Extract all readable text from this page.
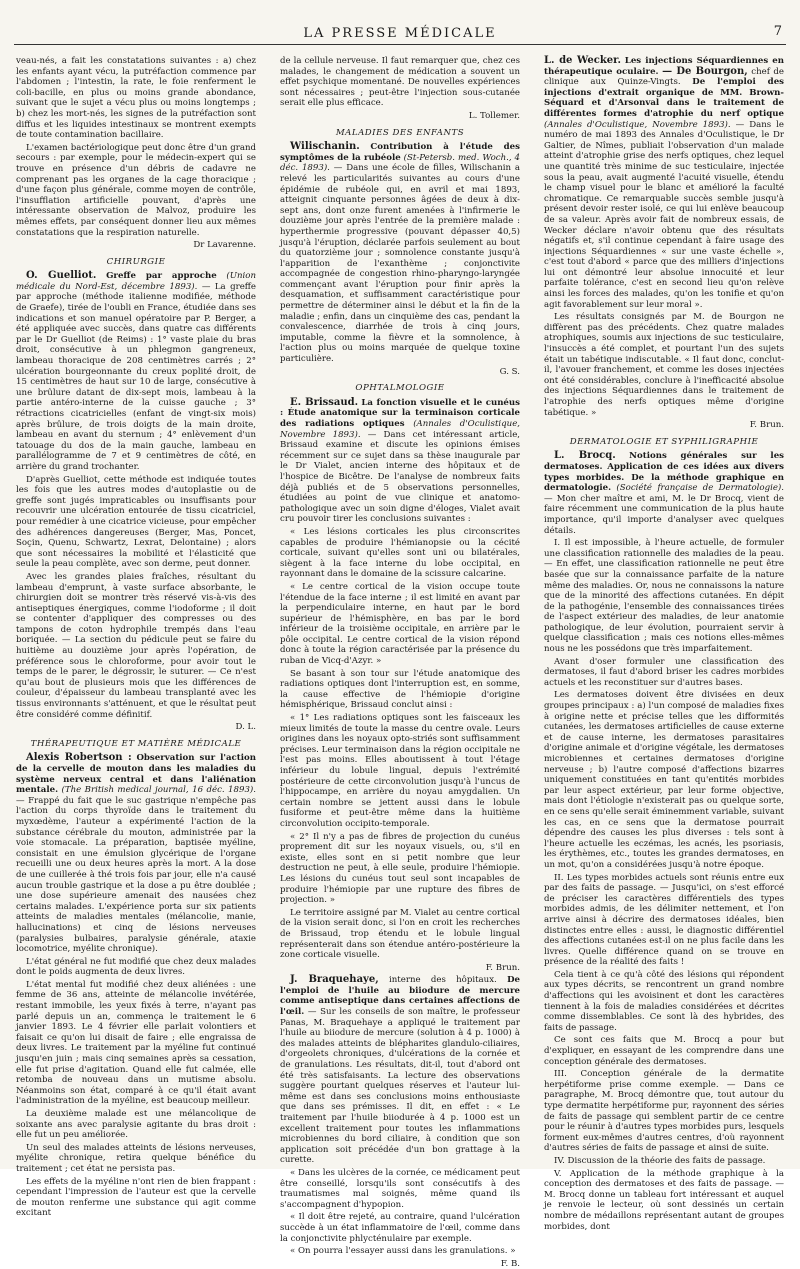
LA PRESSE MÉDICALE	7

veau-nés, a fait les constatations suivantes : a) chez les enfants ayant vécu, la putréfaction commence par l'abdomen ; l'intestin, la rate, le foie renferment le coli-bacille, en plus ou moins grande abondance, suivant que le sujet a vécu plus ou moins longtemps ; b) chez les mort-nés, les signes de la putréfaction sont diffus et les liquides intestinaux se montrent exempts de toute contamination bacillaire.

L'examen bactériologique peut donc être d'un grand secours : par exemple, pour le médecin-expert qui se trouve en présence d'un débris de cadavre ne comprenant pas les organes de la cage thoracique ; d'une façon plus générale, comme moyen de contrôle, l'insufflation artificielle pouvant, d'après une intéressante observation de Malvoz, produire les mêmes effets, par conséquent donner lieu aux mêmes constatations que la respiration naturelle.

Dr Lavarenne.

CHIRURGIE

O. Guelliot. Greffe par approche (Union médicale du Nord-Est, décembre 1893). — La greffe par approche (méthode italienne modifiée, méthode de Graefe), tirée de l'oubli en France, étudiée dans ses indications et son manuel opératoire par P. Berger, a été appliquée avec succès, dans quatre cas différents par le Dr Guelliot (de Reims) : 1° vaste plaie du bras droit, consécutive à un phlegmon gangreneux, lambeau thoracique de 208 centimètres carrés ; 2° ulcération bourgeonnante du creux poplité droit, de 15 centimètres de haut sur 10 de large, consécutive à une brûlure datant de dix-sept mois, lambeau à la partie antéro-interne de la cuisse gauche ; 3° rétractions cicatricielles (enfant de vingt-six mois) après brûlure, de trois doigts de la main droite, lambeau en avant du sternum ; 4° enlèvement d'un tatouage du dos de la main gauche, lambeau en parallélogramme de 7 et 9 centimètres de côté, en arrière du grand trochanter.

D'après Guelliot, cette méthode est indiquée toutes les fois que les autres modes d'autoplastie ou de greffe sont jugés impraticables ou insuffisants pour recouvrir une ulcération entourée de tissu cicatriciel, pour remédier à une cicatrice vicieuse, pour empêcher des adhérences dangereuses (Berger, Mas, Poncet, Soçin, Quenu, Schwartz, Lexrat, Delontaine) ; alors que sont nécessaires la mobilité et l'élasticité que seule la peau complète, avec son derme, peut donner.

Avec les grandes plaies fraîches, résultant du lambeau d'emprunt, à vaste surface absorbante, le chirurgien doit se montrer très réservé vis-à-vis des antiseptiques énergiques, comme l'iodoforme ; il doit se contenter d'appliquer des compresses ou des tampons de coton hydrophile trempés dans l'eau boriquée. — La section du pédicule peut se faire du huitième au douzième jour après l'opération, de préférence sous le chloroforme, pour avoir tout le temps de le parer, le dégrossir, le suturer. — Ce n'est qu'au bout de plusieurs mois que les différences de couleur, d'épaisseur du lambeau transplanté avec les tissus environnants s'atténuent, et que le résultat peut être considéré comme définitif.

D. L.

THÉRAPEUTIQUE ET MATIÈRE MÉDICALE

Alexis Robertson : Observation sur l'action de la cervelle de mouton dans les maladies du système nerveux central et dans l'aliénation mentale. (The British medical journal, 16 déc. 1893). — Frappé du fait que le suc gastrique n'empêche pas l'action du corps thyroïde dans le traitement du myxœdème, l'auteur a expérimenté l'action de la substance cérébrale du mouton, administrée par la voie stomacale. La préparation, baptisée myéline, consistait en une émulsion glycérique de l'organe recueilli une ou deux heures après la mort. A la dose de une cuillerée à thé trois fois par jour, elle n'a causé aucun trouble gastrique et la dose a pu être doublée ; une dose supérieure amenait des nausées chez certains malades. L'expérience porta sur six patients atteints de maladies mentales (mélancolie, manie, hallucinations) et cinq de lésions nerveuses (paralysies bulbaires, paralysie générale, ataxie locomotrice, myélite chronique).

L'état général ne fut modifié que chez deux malades dont le poids augmenta de deux livres.

L'état mental fut modifié chez deux aliénées : une femme de 36 ans, atteinte de mélancolie invétérée, restant immobile, les yeux fixés à terre, n'ayant pas parlé depuis un an, commença le traitement le 6 janvier 1893. Le 4 février elle parlait volontiers et faisait ce qu'on lui disait de faire ; elle engraissa de deux livres. Le traitement par la myéline fut continué jusqu'en juin ; mais cinq semaines après sa cessation, elle fut prise d'agitation. Quand elle fut calmée, elle retomba de nouveau dans un mutisme absolu. Néanmoins son état, comparé à ce qu'il était avant l'administration de la myéline, est beaucoup meilleur.

La deuxième malade est une mélancolique de soixante ans avec paralysie agitante du bras droit : elle fut un peu améliorée.

Un seul des malades atteints de lésions nerveuses, myélite chronique, retira quelque bénéfice du traitement ; cet état ne persista pas.

Les effets de la myéline n'ont rien de bien frappant : cependant l'impression de l'auteur est que la cervelle de mouton renferme une substance qui agit comme excitant

de la cellule nerveuse. Il faut remarquer que, chez ces malades, le changement de médication a souvent un effet psychique momentané. De nouvelles expériences sont nécessaires ; peut-être l'injection sous-cutanée serait elle plus efficace.

L. Tollemer.

MALADIES DES ENFANTS

Wilischanin. Contribution à l'étude des symptômes de la rubéole (St-Petersb. med. Woch., 4 déc. 1893). — Dans une école de filles, Wilischanin a relevé les particularités suivantes au cours d'une épidémie de rubéole qui, en avril et mai 1893, atteignit cinquante personnes âgées de deux à dix-sept ans, dont onze furent amenées à l'infirmerie le douzième jour après l'entrée de la première malade : hyperthermie progressive (pouvant dépasser 40,5) jusqu'à l'éruption, déclarée parfois seulement au bout du quatorzième jour ; somnolence constante jusqu'à l'apparition de l'exanthème ; conjonctivite accompagnée de congestion rhino-pharyngo-laryngée commençant avant l'éruption pour finir après la desquamation, et suffisamment caractéristique pour permettre de déterminer ainsi le début et la fin de la maladie ; enfin, dans un cinquième des cas, pendant la convalescence, diarrhée de trois à cinq jours, imputable, comme la fièvre et la somnolence, à l'action plus ou moins marquée de quelque toxine particulière.

G. S.

OPHTALMOLOGIE

E. Brissaud. La fonction visuelle et le cunéus : Étude anatomique sur la terminaison corticale des radiations optiques (Annales d'Oculistique, Novembre 1893). — Dans cet intéressant article, Brissaud examine et discute les opinions émises récemment sur ce sujet dans sa thèse inaugurale par le Dr Vialet, ancien interne des hôpitaux et de l'hospice de Bicêtre. De l'analyse de nombreux faits déjà publiés et de 5 observations personnelles, étudiées au point de vue clinique et anatomo-pathologique avec un soin digne d'éloges, Vialet avait cru pouvoir tirer les conclusions suivantes :

« Les lésions corticales les plus circonscrites capables de produire l'hémianopsie ou la cécité corticale, suivant qu'elles sont uni ou bilatérales, siègent à la face interne du lobe occipital, en rayonnant dans le domaine de la scissure calcarine.

« Le centre cortical de la vision occupe toute l'étendue de la face interne ; il est limité en avant par la perpendiculaire interne, en haut par le bord supérieur de l'hémisphère, en bas par le bord inférieur de la troisième occipitale, en arrière par le pôle occipital. Le centre cortical de la vision répond donc à toute la région caractérisée par la présence du ruban de Vicq-d'Azyr. »

Se basant à son tour sur l'étude anatomique des radiations optiques dont l'interruption est, en somme, la cause effective de l'hémiopie d'origine hémisphérique, Brissaud conclut ainsi :

« 1° Les radiations optiques sont les faisceaux les mieux limités de toute la masse du centre ovale. Leurs origines dans les noyaux opto-striés sont suffisamment précises. Leur terminaison dans la région occipitale ne l'est pas moins. Elles aboutissent à tout l'étage inférieur du lobule lingual, depuis l'extrémité postérieure de cette circonvolution jusqu'à l'uncus de l'hippocampe, en arrière du noyau amygdalien. Un certain nombre se jettent aussi dans le lobule fusiforme et peut-être même dans la huitième circonvolution occipito-temporale.

« 2° Il n'y a pas de fibres de projection du cunéus proprement dit sur les noyaux visuels, ou, s'il en existe, elles sont en si petit nombre que leur destruction ne peut, à elle seule, produire l'hémiopie. Les lésions du cunéus tout seul sont incapables de produire l'hémiopie par une rupture des fibres de projection. »

Le territoire assigné par M. Vialet au centre cortical de la vision serait donc, si l'on en croit les recherches de Brissaud, trop étendu et le lobule lingual représenterait dans son étendue antéro-postérieure la zone corticale visuelle.

F. Brun.

J. Braquehaye, interne des hôpitaux. De l'emploi de l'huile au biiodure de mercure comme antiseptique dans certaines affections de l'œil. — Sur les conseils de son maître, le professeur Panas, M. Braquehaye a appliqué le traitement par l'huile au biiodure de mercure (solution à 4 p. 1000) à des malades atteints de blépharites glandulo-ciliaires, d'orgeolets chroniques, d'ulcérations de la cornée et de granulations. Les résultats, dit-il, tout d'abord ont été très satisfaisants. La lecture des observations suggère pourtant quelques réserves et l'auteur lui-même est dans ses conclusions moins enthousiaste que dans ses prémisses. Il dit, en effet : « Le traitement par l'huile biiodurée à 4 p. 1000 est un excellent traitement pour toutes les inflammations microbiennes du bord ciliaire, à condition que son application soit précédée d'un bon grattage à la curette.

« Dans les ulcères de la cornée, ce médicament peut être conseillé, lorsqu'ils sont consécutifs à des traumatismes mal soignés, même quand ils s'accompagnent d'hypopion.

« Il doit être rejeté, au contraire, quand l'ulcération succède à un état inflammatoire de l'œil, comme dans la conjonctivite phlycténulaire par exemple.

« On pourra l'essayer aussi dans les granulations. »

F. B.

L. de Wecker. Les injections Séquardiennes en thérapeutique oculaire. — De Bourgon, chef de clinique aux Quinze-Vingts. De l'emploi des injections d'extrait organique de MM. Brown-Séquard et d'Arsonval dans le traitement de différentes formes d'atrophie du nerf optique (Annales d'Oculistique, Novembre 1893). — Dans le numéro de mai 1893 des Annales d'Oculistique, le Dr Galtier, de Nîmes, publiait l'observation d'un malade atteint d'atrophie grise des nerfs optiques, chez lequel une quantité très minime de suc testiculaire, injectée sous la peau, avait augmenté l'acuité visuelle, étendu le champ visuel pour le blanc et amélioré la faculté chromatique. Ce remarquable succès semble jusqu'à présent devoir rester isolé, ce qui lui enlève beaucoup de sa valeur. Après avoir fait de nombreux essais, de Wecker déclare n'avoir obtenu que des résultats négatifs et, s'il continue cependant à faire usage des injections Séquardiennes « sur une vaste échelle », c'est tout d'abord « parce que des milliers d'injections lui ont démontré leur absolue innocuité et leur parfaite tolérance, c'est en second lieu qu'on relève ainsi les forces des malades, qu'on les tonifie et qu'on agit favorablement sur leur moral ».

Les résultats consignés par M. de Bourgon ne diffèrent pas des précédents. Chez quatre malades atrophiques, soumis aux injections de suc testiculaire, l'insuccès a été complet, et pourtant l'un des sujets était un tabétique indiscutable. « Il faut donc, conclut-il, l'avouer franchement, et comme les doses injectées ont été considérables, conclure à l'inefficacité absolue des injections Séquardiennes dans le traitement de l'atrophie des nerfs optiques même d'origine tabétique. »

F. Brun.

DERMATOLOGIE ET SYPHILIGRAPHIE

L. Brocq. Notions générales sur les dermatoses. Application de ces idées aux divers types morbides. De la méthode graphique en dermatologie. (Société française de Dermatologie). — Mon cher maître et ami, M. le Dr Brocq, vient de faire récemment une communication de la plus haute importance, qu'il importe d'analyser avec quelques détails.

I. Il est impossible, à l'heure actuelle, de formuler une classification rationnelle des maladies de la peau. — En effet, une classification rationnelle ne peut être basée que sur la connaissance parfaite de la nature même des maladies. Or, nous ne connaissons la nature que de la minorité des affections cutanées. En dépit de la pathogénie, l'ensemble des connaissances tirées de l'aspect extérieur des maladies, de leur anatomie pathologique, de leur évolution, pourraient servir à quelque classification ; mais ces notions elles-mêmes nous ne les possédons que très imparfaitement.

Avant d'oser formuler une classification des dermatoses, il faut d'abord briser les cadres morbides actuels et les reconstituer sur d'autres bases.

Les dermatoses doivent être divisées en deux groupes principaux : a) l'un composé de maladies fixes à origine nette et précise telles que les difformités cutanées, les dermatoses artificielles de cause externe et de cause interne, les dermatoses parasitaires d'origine animale et d'origine végétale, les dermatoses microbiennes et certaines dermatoses d'origine nerveuse ; b) l'autre composé d'affections bizarres uniquement constituées en tant qu'entités morbides par leur aspect extérieur, par leur forme objective, mais dont l'étiologie n'existerait pas ou quelque sorte, en ce sens qu'elle serait éminemment variable, suivant les cas, en ce sens que la dermatose pourrait dépendre des causes les plus diverses : tels sont à l'heure actuelle les eczémas, les acnés, les psoriasis, les érythèmes, etc., toutes les grandes dermatoses, en un mot, qu'on a considérées jusqu'à notre époque.

II. Les types morbides actuels sont réunis entre eux par des faits de passage. — Jusqu'ici, on s'est efforcé de préciser les caractères différentiels des types morbides admis, de les délimiter nettement, et l'on arrive ainsi à décrire des dermatoses idéales, bien distinctes entre elles : aussi, le diagnostic différentiel des affections cutanées est-il on ne plus facile dans les livres. Quelle différence quand on se trouve en présence de la réalité des faits !

Cela tient à ce qu'à côté des lésions qui répondent aux types décrits, se rencontrent un grand nombre d'affections qui les avoisinent et dont les caractères tiennent à la fois de maladies considérées et décrites comme dissemblables. Ce sont là des hybrides, des faits de passage.

Ce sont ces faits que M. Brocq a pour but d'expliquer, en essayant de les comprendre dans une conception générale des dermatoses.

III. Conception générale de la dermatite herpétiforme prise comme exemple. — Dans ce paragraphe, M. Brocq démontre que, tout autour du type dermatite herpétiforme pur, rayonnent des séries de faits de passage qui semblent partir de ce centre pour le réunir à d'autres types morbides purs, lesquels forment eux-mêmes d'autres centres, d'où rayonnent d'autres séries de faits de passage et ainsi de suite.

IV. Discussion de la théorie des faits de passage.

V. Application de la méthode graphique à la conception des dermatoses et des faits de passage. — M. Brocq donne un tableau fort intéressant et auquel je renvoie le lecteur, où sont dessinés un certain nombre de médaillons représentant autant de groupes morbides, dont
